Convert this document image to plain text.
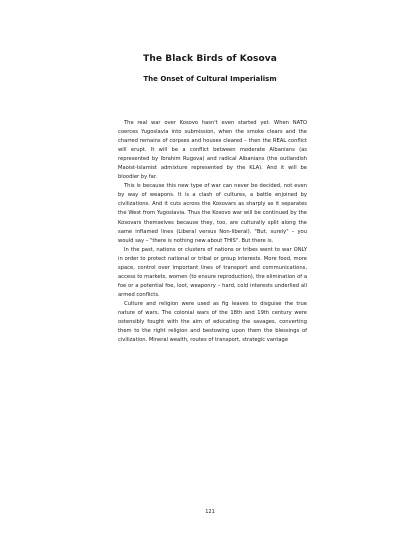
The Black Birds of Kosova
The Onset of Cultural Imperialism

The real war over Kosovo hasn't even started yet. When NATO coerces Yugoslavia into submission, when the smoke clears and the charred remains of corpses and houses cleared – then the REAL conflict will erupt. It will be a conflict between moderate Albanians (as represented by Ibrahim Rugova) and radical Albanians (the outlandish Maoist-Islamist admixture represented by the KLA). And it will be bloodier by far.

This is because this new type of war can never be decided, not even by way of weapons. It is a clash of cultures, a battle enjoined by civilizations. And it cuts across the Kosovars as sharply as it separates the West from Yugoslavia. Thus the Kosovo war will be continued by the Kosovars themselves because they, too, are culturally split along the same inflamed lines (Liberal versus Non-liberal). "But, surely" – you would say – "there is nothing new about THIS". But there is.

In the past, nations or clusters of nations or tribes went to war ONLY in order to protect national or tribal or group interests. More food, more space, control over important lines of transport and communications, access to markets, women (to ensure reproduction), the elimination of a foe or a potential foe, loot, weaponry – hard, cold interests underlied all armed conflicts.

Culture and religion were used as fig leaves to disguise the true nature of wars. The colonial wars of the 18th and 19th century were ostensibly fought with the aim of educating the savages, converting them to the right religion and bestowing upon them the blessings of civilization. Mineral wealth, routes of transport, strategic vantage

121
